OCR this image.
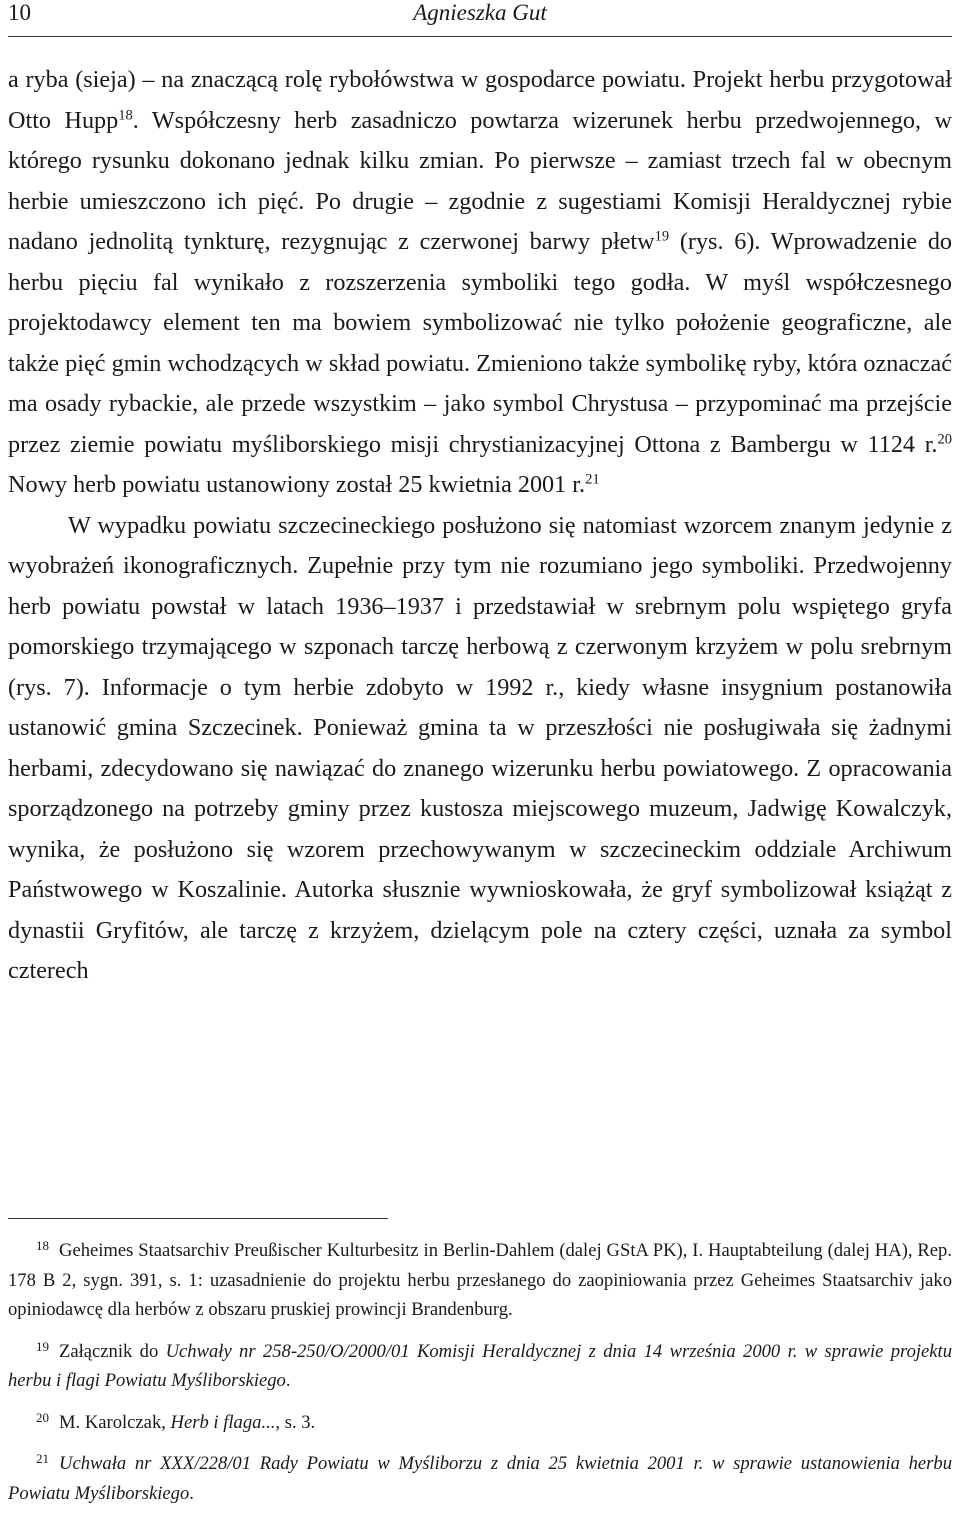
10	Agnieszka Gut

a ryba (sieja) – na znaczącą rolę rybołówstwa w gospodarce powiatu. Projekt herbu przygotował Otto Hupp$^{18}$. Współczesny herb zasadniczo powtarza wizerunek herbu przedwojennego, w którego rysunku dokonano jednak kilku zmian. Po pierwsze – zamiast trzech fal w obecnym herbie umieszczono ich pięć. Po drugie – zgodnie z sugestiami Komisji Heraldycznej rybie nadano jednolitą tynkturę, rezygnując z czerwonej barwy płetw$^{19}$ (rys. 6). Wprowadzenie do herbu pięciu fal wynikało z rozszerzenia symboliki tego godła. W myśl współczesnego projektodawcy element ten ma bowiem symbolizować nie tylko położenie geograficzne, ale także pięć gmin wchodzących w skład powiatu. Zmieniono także symbolikę ryby, która oznaczać ma osady rybackie, ale przede wszystkim – jako symbol Chrystusa – przypominać ma przejście przez ziemie powiatu myśliborskiego misji chrystianizacyjnej Ottona z Bambergu w 1124 r.$^{20}$ Nowy herb powiatu ustanowiony został 25 kwietnia 2001 r.$^{21}$

W wypadku powiatu szczecineckiego posłużono się natomiast wzorcem znanym jedynie z wyobrażeń ikonograficznych. Zupełnie przy tym nie rozumiano jego symboliki. Przedwojenny herb powiatu powstał w latach 1936–1937 i przedstawiał w srebrnym polu wspiętego gryfa pomorskiego trzymającego w szponach tarczę herbową z czerwonym krzyżem w polu srebrnym (rys. 7). Informacje o tym herbie zdobyto w 1992 r., kiedy własne insygnium postanowiła ustanowić gmina Szczecinek. Ponieważ gmina ta w przeszłości nie posługiwała się żadnymi herbami, zdecydowano się nawiązać do znanego wizerunku herbu powiatowego. Z opracowania sporządzonego na potrzeby gminy przez kustosza miejscowego muzeum, Jadwigę Kowalczyk, wynika, że posłużono się wzorem przechowywanym w szczecineckim oddziale Archiwum Państwowego w Koszalinie. Autorka słusznie wywnioskowała, że gryf symbolizował książąt z dynastii Gryfitów, ale tarczę z krzyżem, dzielącym pole na cztery części, uznała za symbol czterech

$^{18}$ Geheimes Staatsarchiv Preußischer Kulturbesitz in Berlin-Dahlem (dalej GStA PK), I. Hauptabteilung (dalej HA), Rep. 178 B 2, sygn. 391, s. 1: uzasadnienie do projektu herbu przesłanego do zaopiniowania przez Geheimes Staatsarchiv jako opiniodawcę dla herbów z obszaru pruskiej prowincji Brandenburg.

$^{19}$ Załącznik do Uchwały nr 258-250/O/2000/01 Komisji Heraldycznej z dnia 14 września 2000 r. w sprawie projektu herbu i flagi Powiatu Myśliborskiego.

$^{20}$ M. Karolczak, Herb i flaga..., s. 3.

$^{21}$ Uchwała nr XXX/228/01 Rady Powiatu w Myśliborzu z dnia 25 kwietnia 2001 r. w sprawie ustanowienia herbu Powiatu Myśliborskiego.
